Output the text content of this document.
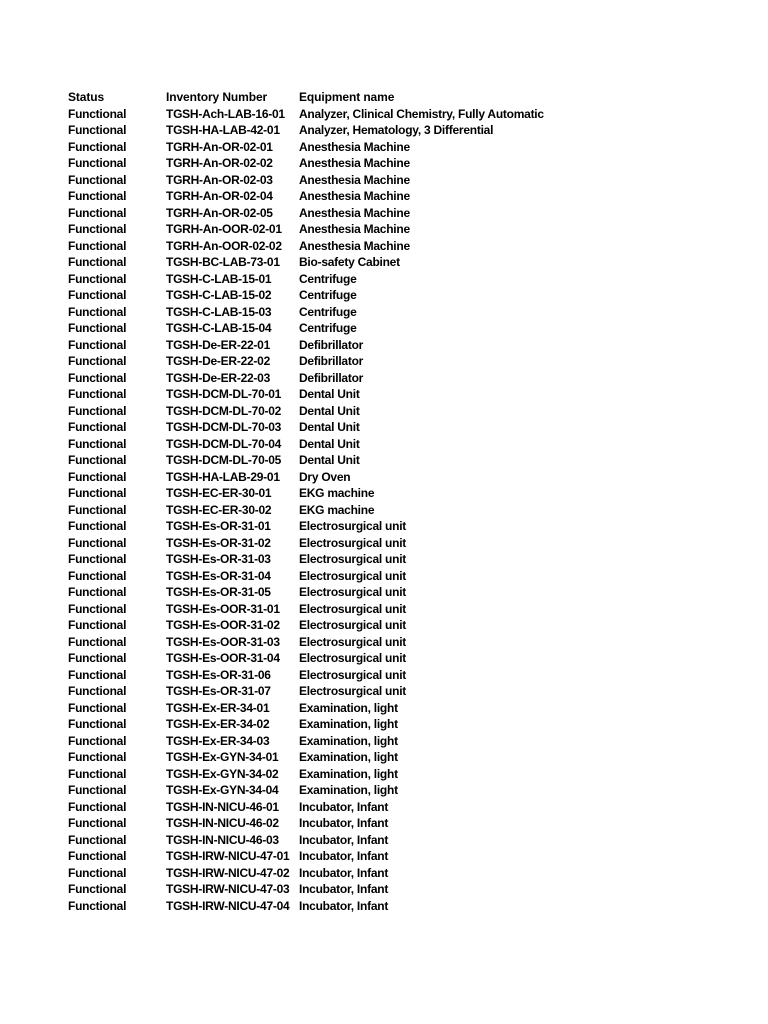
Status	Inventory Number	Equipment name
Functional	TGSH-Ach-LAB-16-01	Analyzer, Clinical Chemistry, Fully Automatic
Functional	TGSH-HA-LAB-42-01	Analyzer, Hematology, 3 Differential
Functional	TGRH-An-OR-02-01	Anesthesia Machine
Functional	TGRH-An-OR-02-02	Anesthesia Machine
Functional	TGRH-An-OR-02-03	Anesthesia Machine
Functional	TGRH-An-OR-02-04	Anesthesia Machine
Functional	TGRH-An-OR-02-05	Anesthesia Machine
Functional	TGRH-An-OOR-02-01	Anesthesia Machine
Functional	TGRH-An-OOR-02-02	Anesthesia Machine
Functional	TGSH-BC-LAB-73-01	Bio-safety Cabinet
Functional	TGSH-C-LAB-15-01	Centrifuge
Functional	TGSH-C-LAB-15-02	Centrifuge
Functional	TGSH-C-LAB-15-03	Centrifuge
Functional	TGSH-C-LAB-15-04	Centrifuge
Functional	TGSH-De-ER-22-01	Defibrillator
Functional	TGSH-De-ER-22-02	Defibrillator
Functional	TGSH-De-ER-22-03	Defibrillator
Functional	TGSH-DCM-DL-70-01	Dental Unit
Functional	TGSH-DCM-DL-70-02	Dental Unit
Functional	TGSH-DCM-DL-70-03	Dental Unit
Functional	TGSH-DCM-DL-70-04	Dental Unit
Functional	TGSH-DCM-DL-70-05	Dental Unit
Functional	TGSH-HA-LAB-29-01	Dry Oven
Functional	TGSH-EC-ER-30-01	EKG machine
Functional	TGSH-EC-ER-30-02	EKG machine
Functional	TGSH-Es-OR-31-01	Electrosurgical unit
Functional	TGSH-Es-OR-31-02	Electrosurgical unit
Functional	TGSH-Es-OR-31-03	Electrosurgical unit
Functional	TGSH-Es-OR-31-04	Electrosurgical unit
Functional	TGSH-Es-OR-31-05	Electrosurgical unit
Functional	TGSH-Es-OOR-31-01	Electrosurgical unit
Functional	TGSH-Es-OOR-31-02	Electrosurgical unit
Functional	TGSH-Es-OOR-31-03	Electrosurgical unit
Functional	TGSH-Es-OOR-31-04	Electrosurgical unit
Functional	TGSH-Es-OR-31-06	Electrosurgical unit
Functional	TGSH-Es-OR-31-07	Electrosurgical unit
Functional	TGSH-Ex-ER-34-01	Examination, light
Functional	TGSH-Ex-ER-34-02	Examination, light
Functional	TGSH-Ex-ER-34-03	Examination, light
Functional	TGSH-Ex-GYN-34-01	Examination, light
Functional	TGSH-Ex-GYN-34-02	Examination, light
Functional	TGSH-Ex-GYN-34-04	Examination, light
Functional	TGSH-IN-NICU-46-01	Incubator, Infant
Functional	TGSH-IN-NICU-46-02	Incubator, Infant
Functional	TGSH-IN-NICU-46-03	Incubator, Infant
Functional	TGSH-IRW-NICU-47-01	Incubator, Infant
Functional	TGSH-IRW-NICU-47-02	Incubator, Infant
Functional	TGSH-IRW-NICU-47-03	Incubator, Infant
Functional	TGSH-IRW-NICU-47-04	Incubator, Infant
